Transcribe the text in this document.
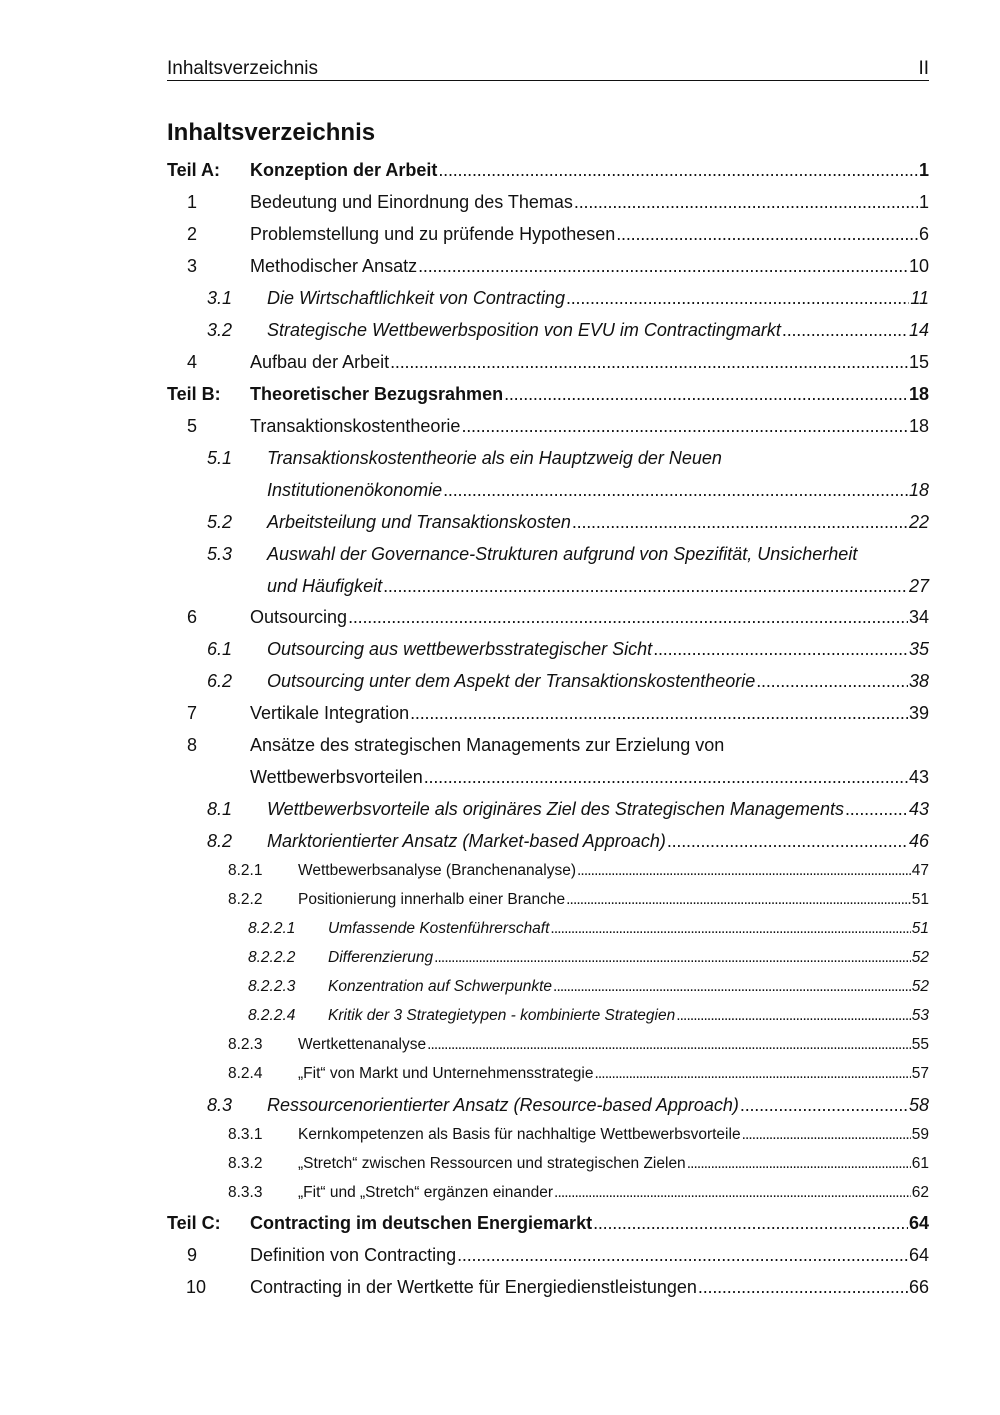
Inhaltsverzeichnis	II
Inhaltsverzeichnis
Teil A: Konzeption der Arbeit . . .	1
1	Bedeutung und Einordnung des Themas . . .	1
2	Problemstellung und zu prüfende Hypothesen . . .	6
3	Methodischer Ansatz . . .	10
3.1 Die Wirtschaftlichkeit von Contracting . . .	11
3.2 Strategische Wettbewerbsposition von EVU im Contractingmarkt . . .	14
4	Aufbau der Arbeit . . .	15
Teil B: Theoretischer Bezugsrahmen . . .	18
5	Transaktionskostentheorie . . .	18
5.1 Transaktionskostentheorie als ein Hauptzweig der Neuen
Institutionenökonomie . . .	18
5.2 Arbeitsteilung und Transaktionskosten . . .	22
5.3 Auswahl der Governance-Strukturen aufgrund von Spezifität, Unsicherheit
und Häufigkeit . . .	27
6	Outsourcing . . .	34
6.1 Outsourcing aus wettbewerbsstrategischer Sicht . . .	35
6.2 Outsourcing unter dem Aspekt der Transaktionskostentheorie . . .	38
7	Vertikale Integration . . .	39
8	Ansätze des strategischen Managements zur Erzielung von
Wettbewerbsvorteilen . . .	43
8.1 Wettbewerbsvorteile als originäres Ziel des Strategischen Managements . . .	43
8.2 Marktorientierter Ansatz (Market-based Approach) . . .	46
8.2.1 Wettbewerbsanalyse (Branchenanalyse) . . .	47
8.2.2 Positionierung innerhalb einer Branche . . .	51
8.2.2.1 Umfassende Kostenführerschaft . . .	51
8.2.2.2 Differenzierung . . .	52
8.2.2.3 Konzentration auf Schwerpunkte . . .	52
8.2.2.4 Kritik der 3 Strategietypen - kombinierte Strategien . . .	53
8.2.3 Wertkettenanalyse . . .	55
8.2.4 „Fit“ von Markt und Unternehmensstrategie . . .	57
8.3 Ressourcenorientierter Ansatz (Resource-based Approach) . . .	58
8.3.1 Kernkompetenzen als Basis für nachhaltige Wettbewerbsvorteile . . .	59
8.3.2 „Stretch“ zwischen Ressourcen und strategischen Zielen . . .	61
8.3.3 „Fit“ und „Stretch“ ergänzen einander . . .	62
Teil C: Contracting im deutschen Energiemarkt . . .	64
9	Definition von Contracting . . .	64
10 Contracting in der Wertkette für Energiedienstleistungen . . .	66
